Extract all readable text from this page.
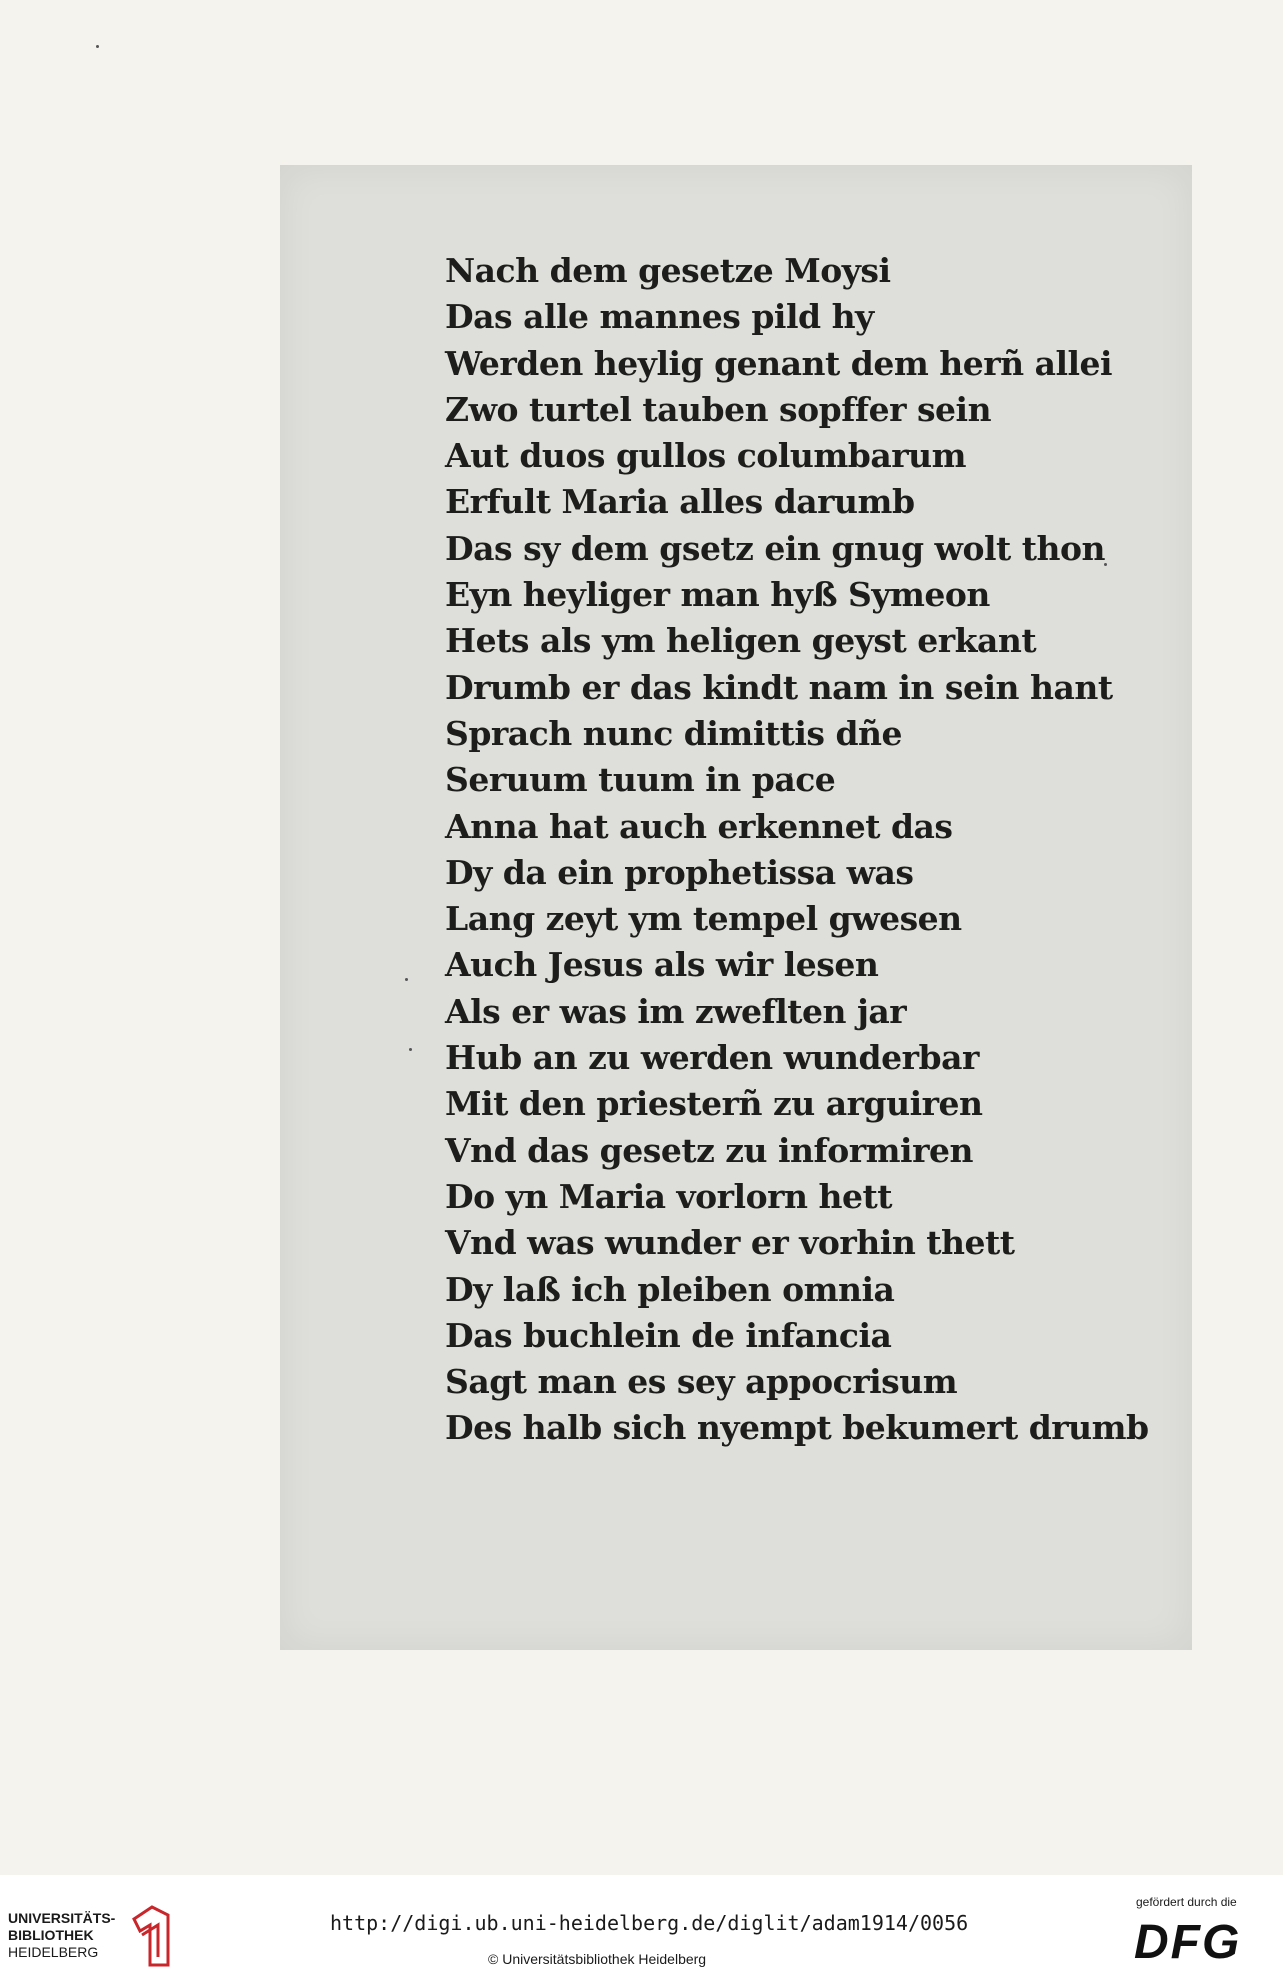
Nach dem gesetze Moysi
Das alle mannes pild hy
Werden heylig genant dem herñ allei
Zwo turtel tauben sopffer sein
Aut duos gullos columbarum
Erfult Maria alles darumb
Das sy dem gsetz ein gnug wolt thon
Eyn heyliger man hyß Symeon
Hets als ym heligen geyst erkant
Drumb er das kindt nam in sein hant
Sprach nunc dimittis dñe
Seruum tuum in pace
Anna hat auch erkennet das
Dy da ein prophetissa was
Lang zeyt ym tempel gwesen
Auch Jesus als wir lesen
Als er was im zweflten jar
Hub an zu werden wunderbar
Mit den priesterñ zu arguiren
Vnd das gesetz zu informiren
Do yn Maria vorlorn hett
Vnd was wunder er vorhin thett
Dy laß ich pleiben omnia
Das buchlein de infancia
Sagt man es sey appocrisum
Des halb sich nyempt bekumert drumb
UNIVERSITÄTS-
BIBLIOTHEK
HEIDELBERG
http://digi.ub.uni-heidelberg.de/diglit/adam1914/0056
© Universitätsbibliothek Heidelberg
gefördert durch die
DFG
